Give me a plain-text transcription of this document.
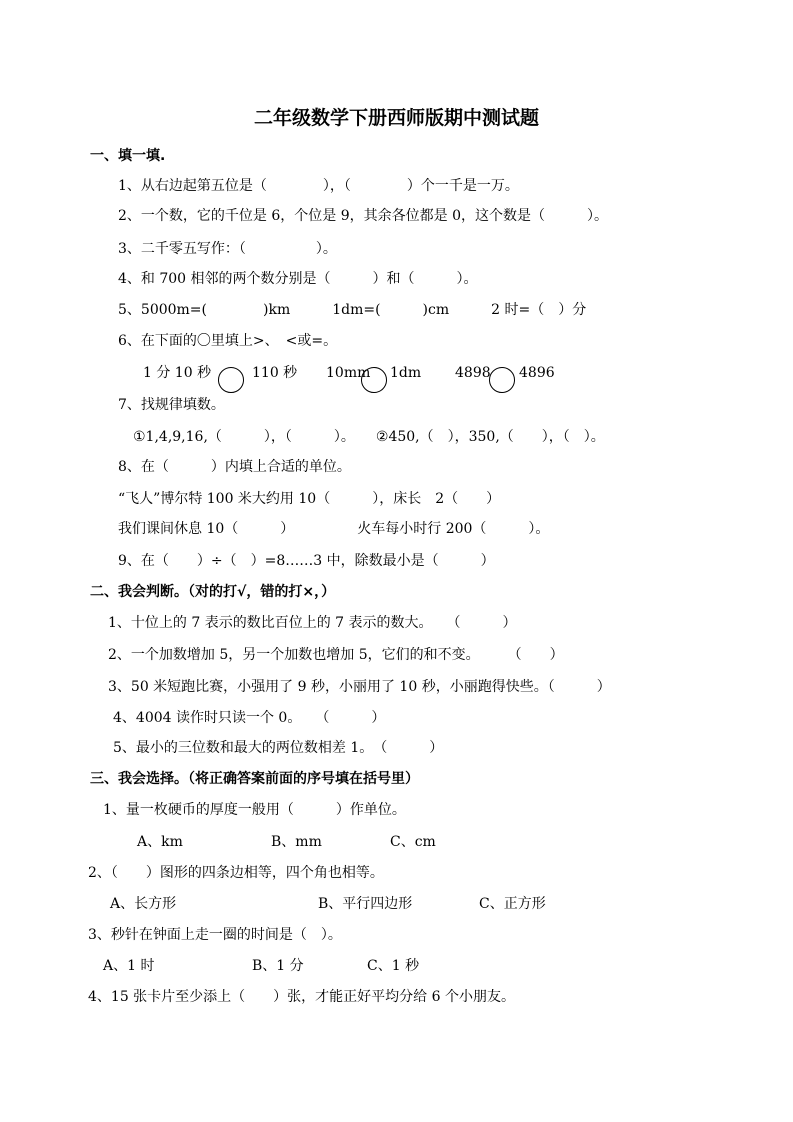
二年级数学下册西师版期中测试题
一、填一填.
1、从右边起第五位是（　　　　），（　　　　）个一千是一万。
2、一个数，它的千位是 6，个位是 9，其余各位都是 0，这个数是（　　　）。
3、二千零五写作：（　　　　　）。
4、和 700 相邻的两个数分别是（　　　）和（　　　）。
5、5000m=(　　　　)km　　　1dm=(　　　)cm　　　2 时=（　）分
6、在下面的〇里填上>、　<或=。
1 分 10 秒	110 秒 10mm 1dm 4898 4896
7、找规律填数。
①1,4,9,16,（　　　），（　　　）。　　②450,（　），350,（　　），（　）。
8、在（　　　）内填上合适的单位。
“飞人”博尔特 100 米大约用 10（　　　），床长　2（　　）
我们课间休息 10（　　　）　　　　　火车每小时行 200（　　　）。
9、在（　　）÷（　）=8……3 中，除数最小是（　　　）
二、我会判断。（对的打√，错的打×，）
1、十位上的 7 表示的数比百位上的 7 表示的数大。　　（　　　）
2、一个加数增加 5，另一个加数也增加 5，它们的和不变。　　　（　　）
3、50 米短跑比赛，小强用了 9 秒，小丽用了 10 秒，小丽跑得快些。（　　　）
4、4004 读作时只读一个 0。　　（　　　）
5、最小的三位数和最大的两位数相差 1。　（　　　）
三、我会选择。（将正确答案前面的序号填在括号里）
1、量一枚硬币的厚度一般用（　　　）作单位。
A、km	B、mm	C、cm
2、（　　）图形的四条边相等，四个角也相等。
A、长方形	B、平行四边形	C、正方形
3、秒针在钟面上走一圈的时间是（　）。
A、1 时	B、1 分	C、1 秒
4、15 张卡片至少添上（　　）张，才能正好平均分给 6 个小朋友。
